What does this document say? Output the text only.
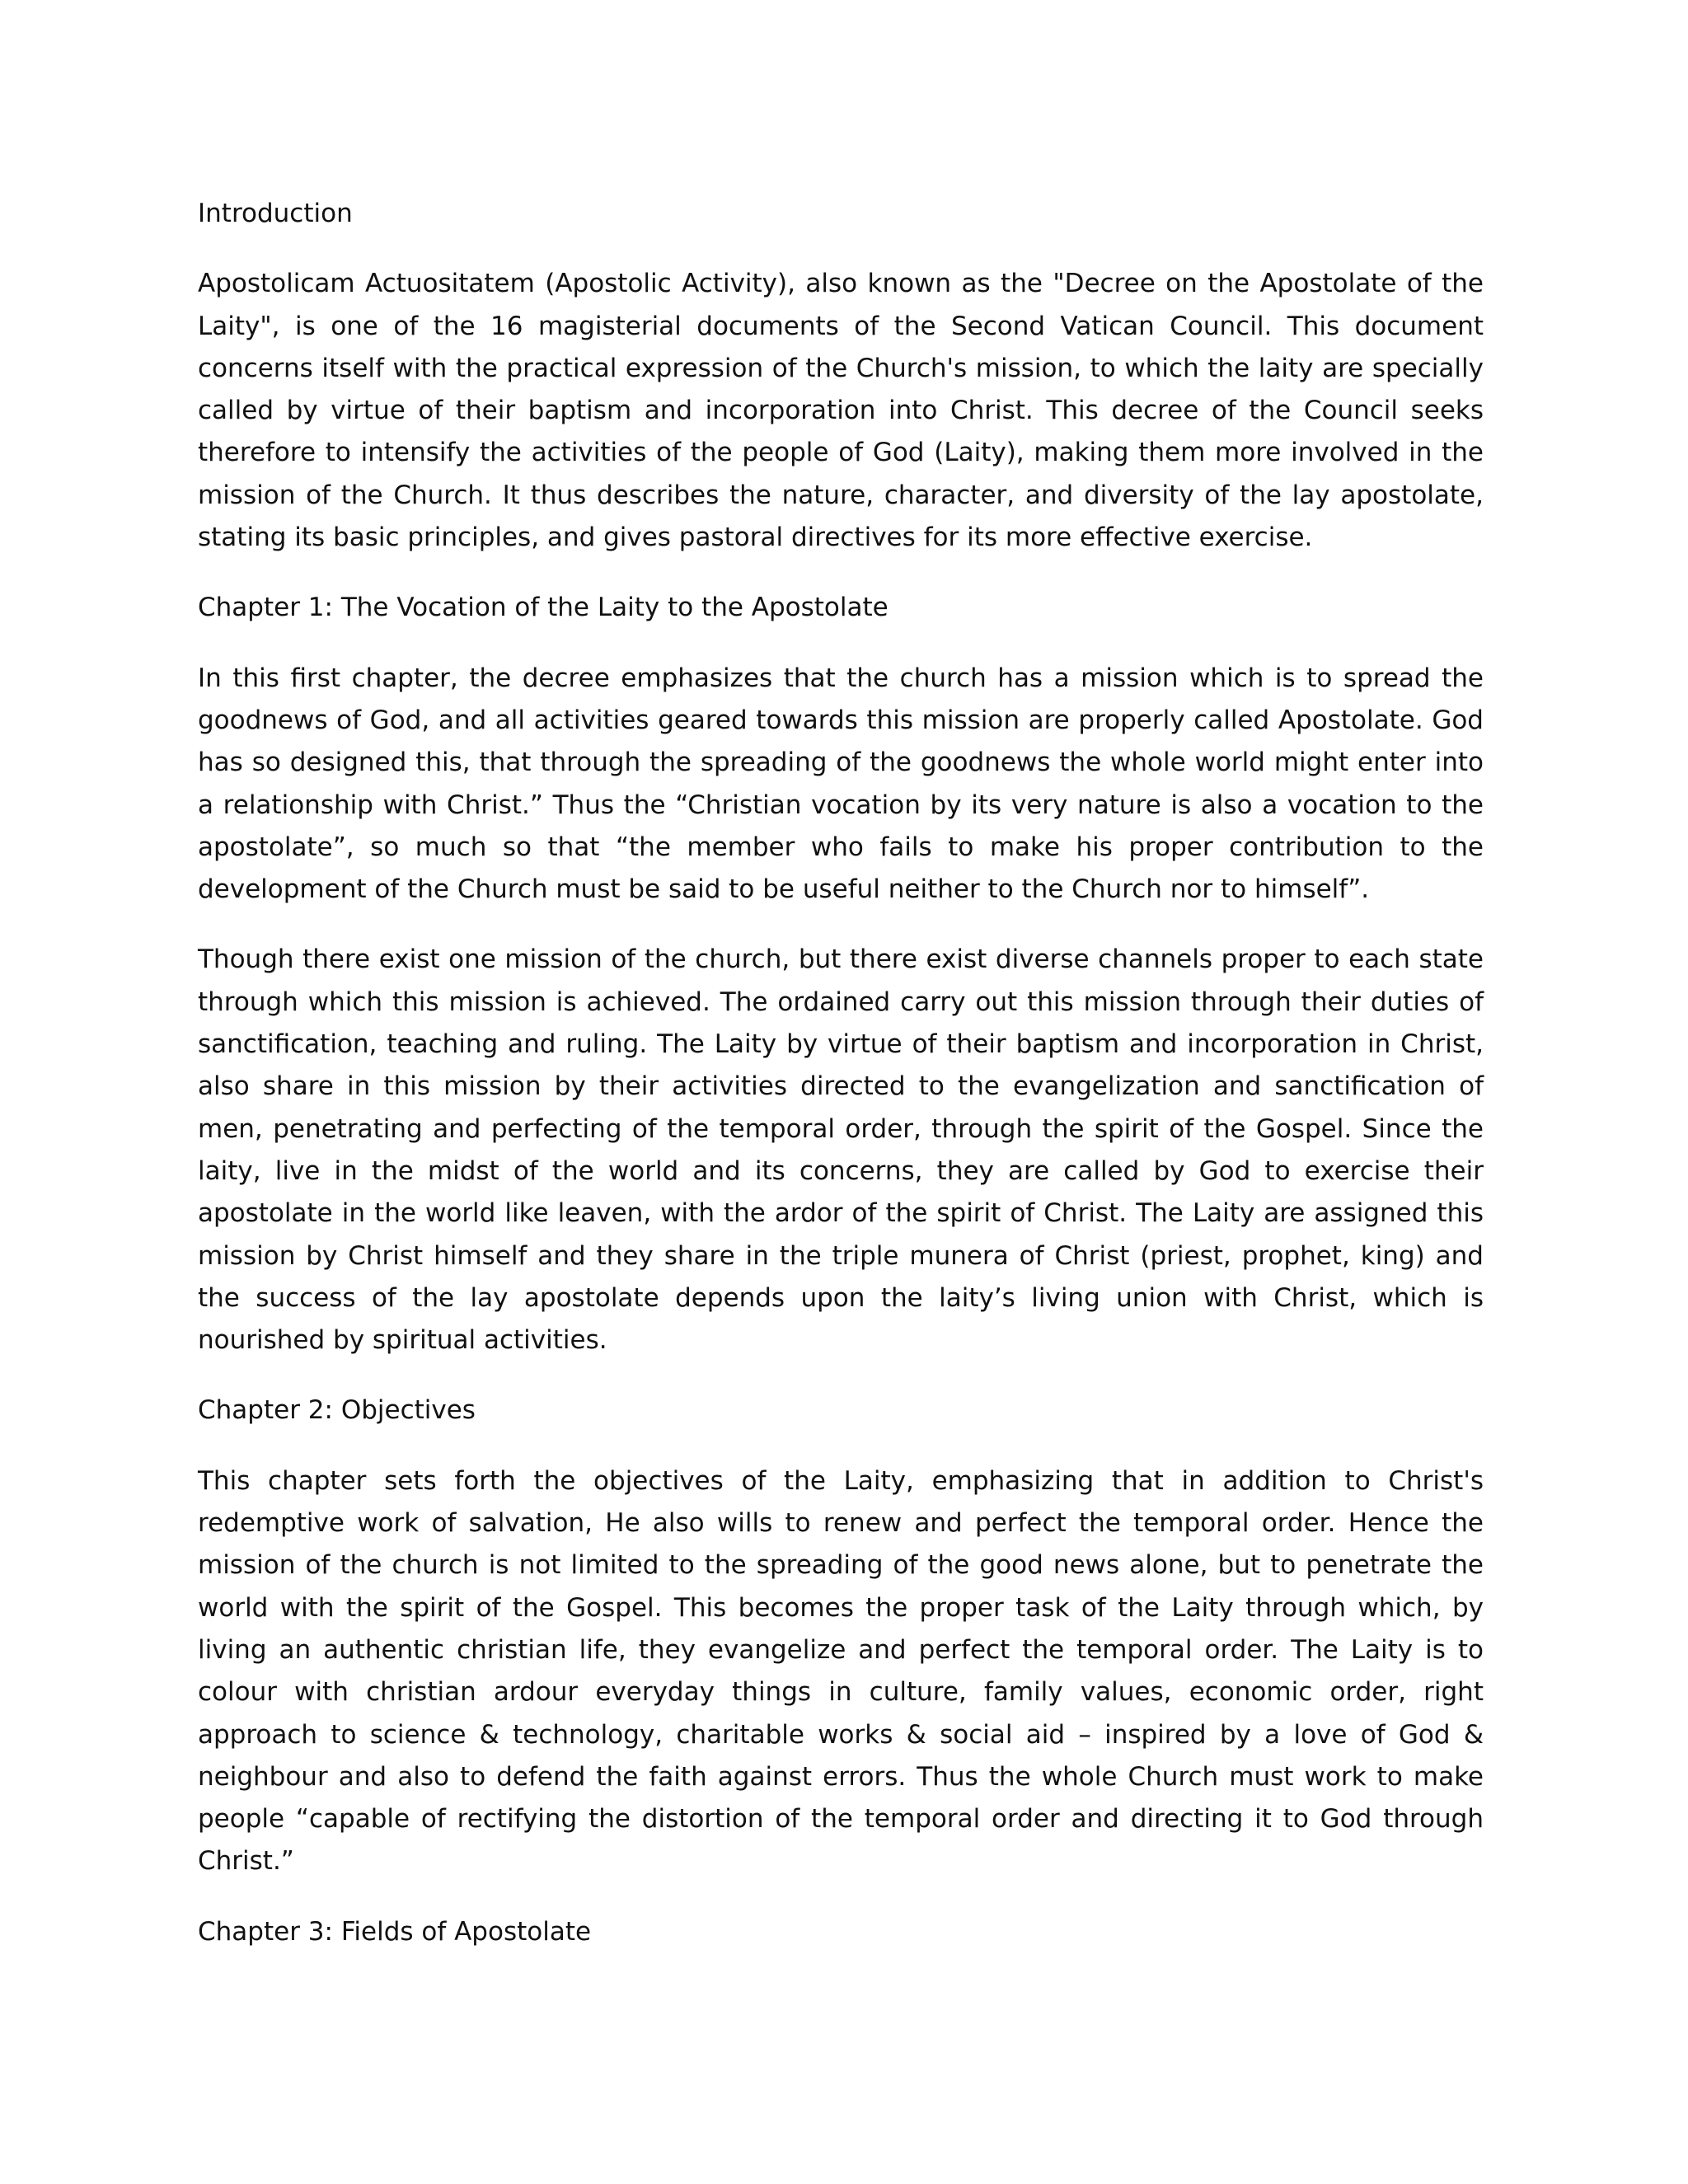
Introduction

Apostolicam Actuositatem (Apostolic Activity), also known as the "Decree on the Apostolate of the Laity", is one of the 16 magisterial documents of the Second Vatican Council. This document concerns itself with the practical expression of the Church's mission, to which the laity are specially called by virtue of their baptism and incorporation into Christ. This decree of the Council seeks therefore to intensify the activities of the people of God (Laity), making them more involved in the mission of the Church. It thus describes the nature, character, and diversity of the lay apostolate, stating its basic principles, and gives pastoral directives for its more effective exercise.

Chapter 1: The Vocation of the Laity to the Apostolate

In this first chapter, the decree emphasizes that the church has a mission which is to spread the goodnews of God, and all activities geared towards this mission are properly called Apostolate. God has so designed this, that through the spreading of the goodnews the whole world might enter into a relationship with Christ.” Thus the “Christian vocation by its very nature is also a vocation to the apostolate”, so much so that “the member who fails to make his proper contribution to the development of the Church must be said to be useful neither to the Church nor to himself”.

Though there exist one mission of the church, but there exist diverse channels proper to each state through which this mission is achieved. The ordained carry out this mission through their duties of sanctification, teaching and ruling. The Laity by virtue of their baptism and incorporation in Christ, also share in this mission by their activities directed to the evangelization and sanctification of men, penetrating and perfecting of the temporal order, through the spirit of the Gospel. Since the laity, live in the midst of the world and its concerns, they are called by God to exercise their apostolate in the world like leaven, with the ardor of the spirit of Christ. The Laity are assigned this mission by Christ himself and they share in the triple munera of Christ (priest, prophet, king) and the success of the lay apostolate depends upon the laity’s living union with Christ, which is nourished by spiritual activities.

Chapter 2: Objectives

This chapter sets forth the objectives of the Laity, emphasizing that in addition to Christ's redemptive work of salvation, He also wills to renew and perfect the temporal order. Hence the mission of the church is not limited to the spreading of the good news alone, but to penetrate the world with the spirit of the Gospel. This becomes the proper task of the Laity through which, by living an authentic christian life, they evangelize and perfect the temporal order. The Laity is to colour with christian ardour everyday things in culture, family values, economic order, right approach to science & technology, charitable works & social aid – inspired by a love of God & neighbour and also to defend the faith against errors. Thus the whole Church must work to make people “capable of rectifying the distortion of the temporal order and directing it to God through Christ.”

Chapter 3: Fields of Apostolate
